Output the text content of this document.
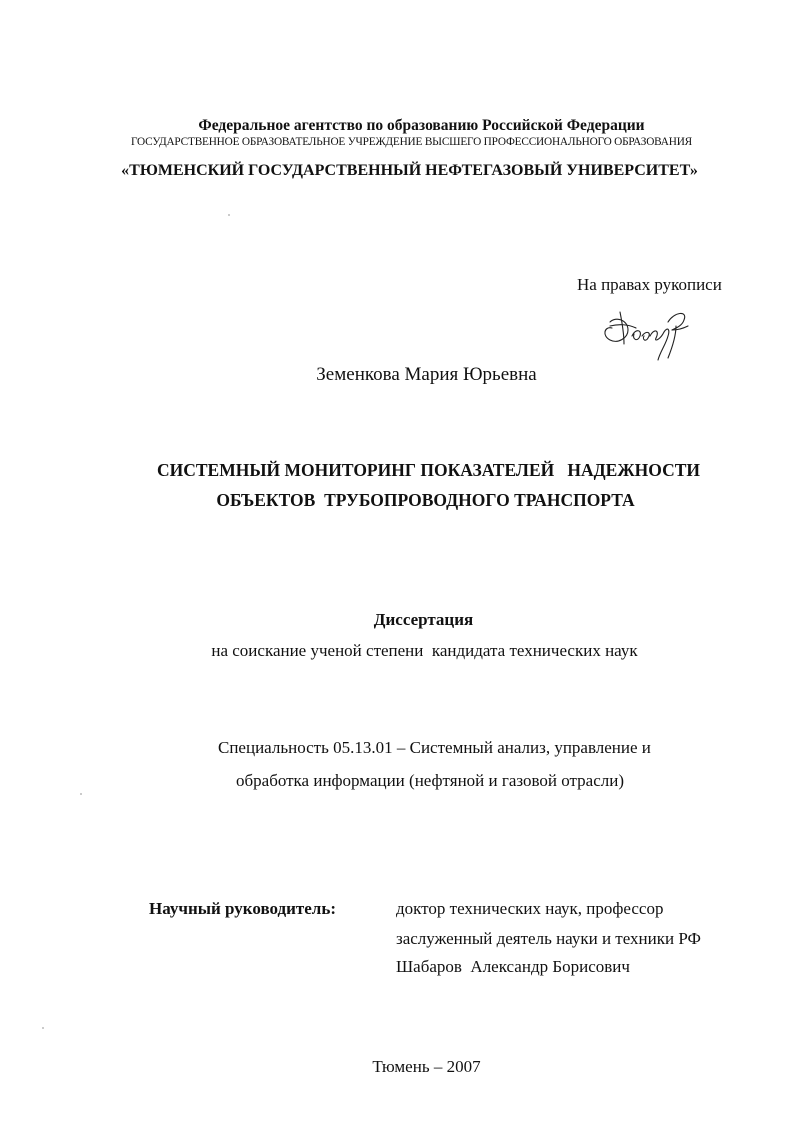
Федеральное агентство по образованию Российской Федерации
ГОСУДАРСТВЕННОЕ ОБРАЗОВАТЕЛЬНОЕ УЧРЕЖДЕНИЕ ВЫСШЕГО ПРОФЕССИОНАЛЬНОГО ОБРАЗОВАНИЯ
«ТЮМЕНСКИЙ ГОСУДАРСТВЕННЫЙ НЕФТЕГАЗОВЫЙ УНИВЕРСИТЕТ»
На правах рукописи
Земенкова Мария Юрьевна
СИСТЕМНЫЙ МОНИТОРИНГ ПОКАЗАТЕЛЕЙ   НАДЕЖНОСТИ
ОБЪЕКТОВ  ТРУБОПРОВОДНОГО ТРАНСПОРТА
Диссертация
на соискание ученой степени  кандидата технических наук
Специальность 05.13.01 – Системный анализ, управление и
обработка информации (нефтяной и газовой отрасли)
Научный руководитель:	доктор технических наук, профессор
заслуженный деятель науки и техники РФ
Шабаров  Александр Борисович
Тюмень – 2007
